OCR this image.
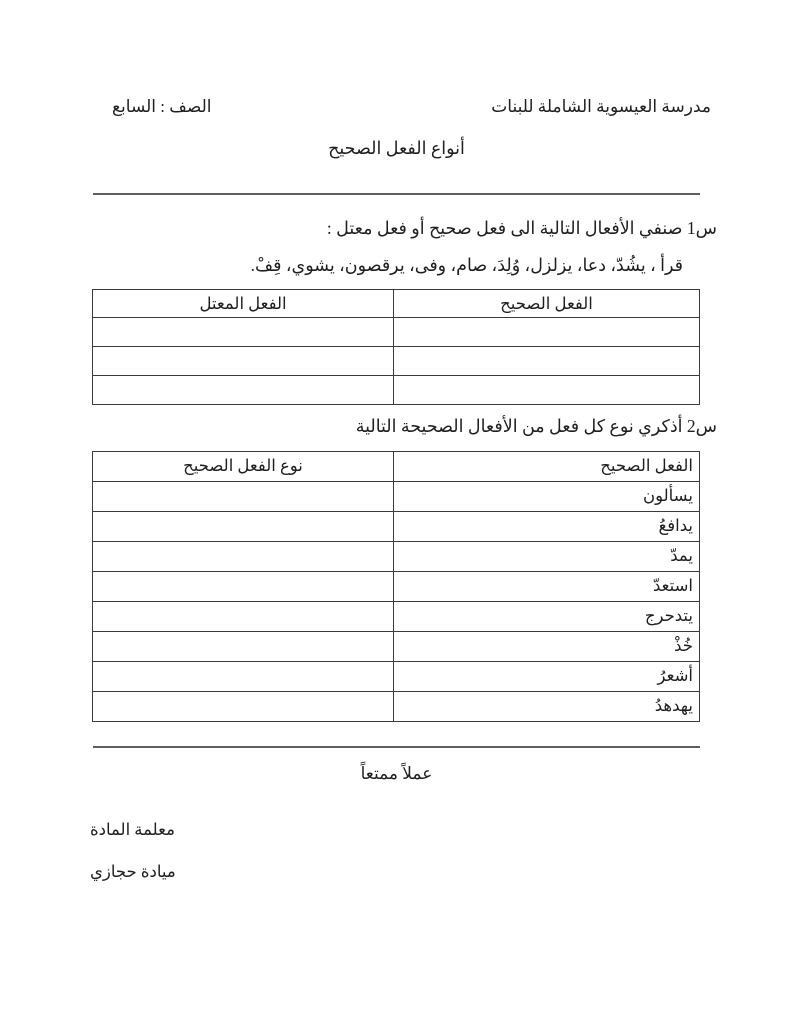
مدرسة العيسوية الشاملة للبنات
الصف : السابع
أنواع الفعل الصحيح
س1 صنفي الأفعال التالية الى فعل صحيح أو فعل معتل :
قرأ ، يشُدّ، دعا، يزلزل، وُلِدَ، صام، وفى، يرقصون، يشوي، قِفْ.
الفعل الصحيح	الفعل المعتل

س2 أذكري نوع كل فعل من الأفعال الصحيحة التالية
الفعل الصحيح	نوع الفعل الصحيح
يسألون	
يدافعُ	
يمدّ	
استعدّ	
يتدحرج	
خُذْ	
أشعرُ	
يهدهدُ	
عملاً ممتعاً
معلمة المادة
ميادة حجازي
